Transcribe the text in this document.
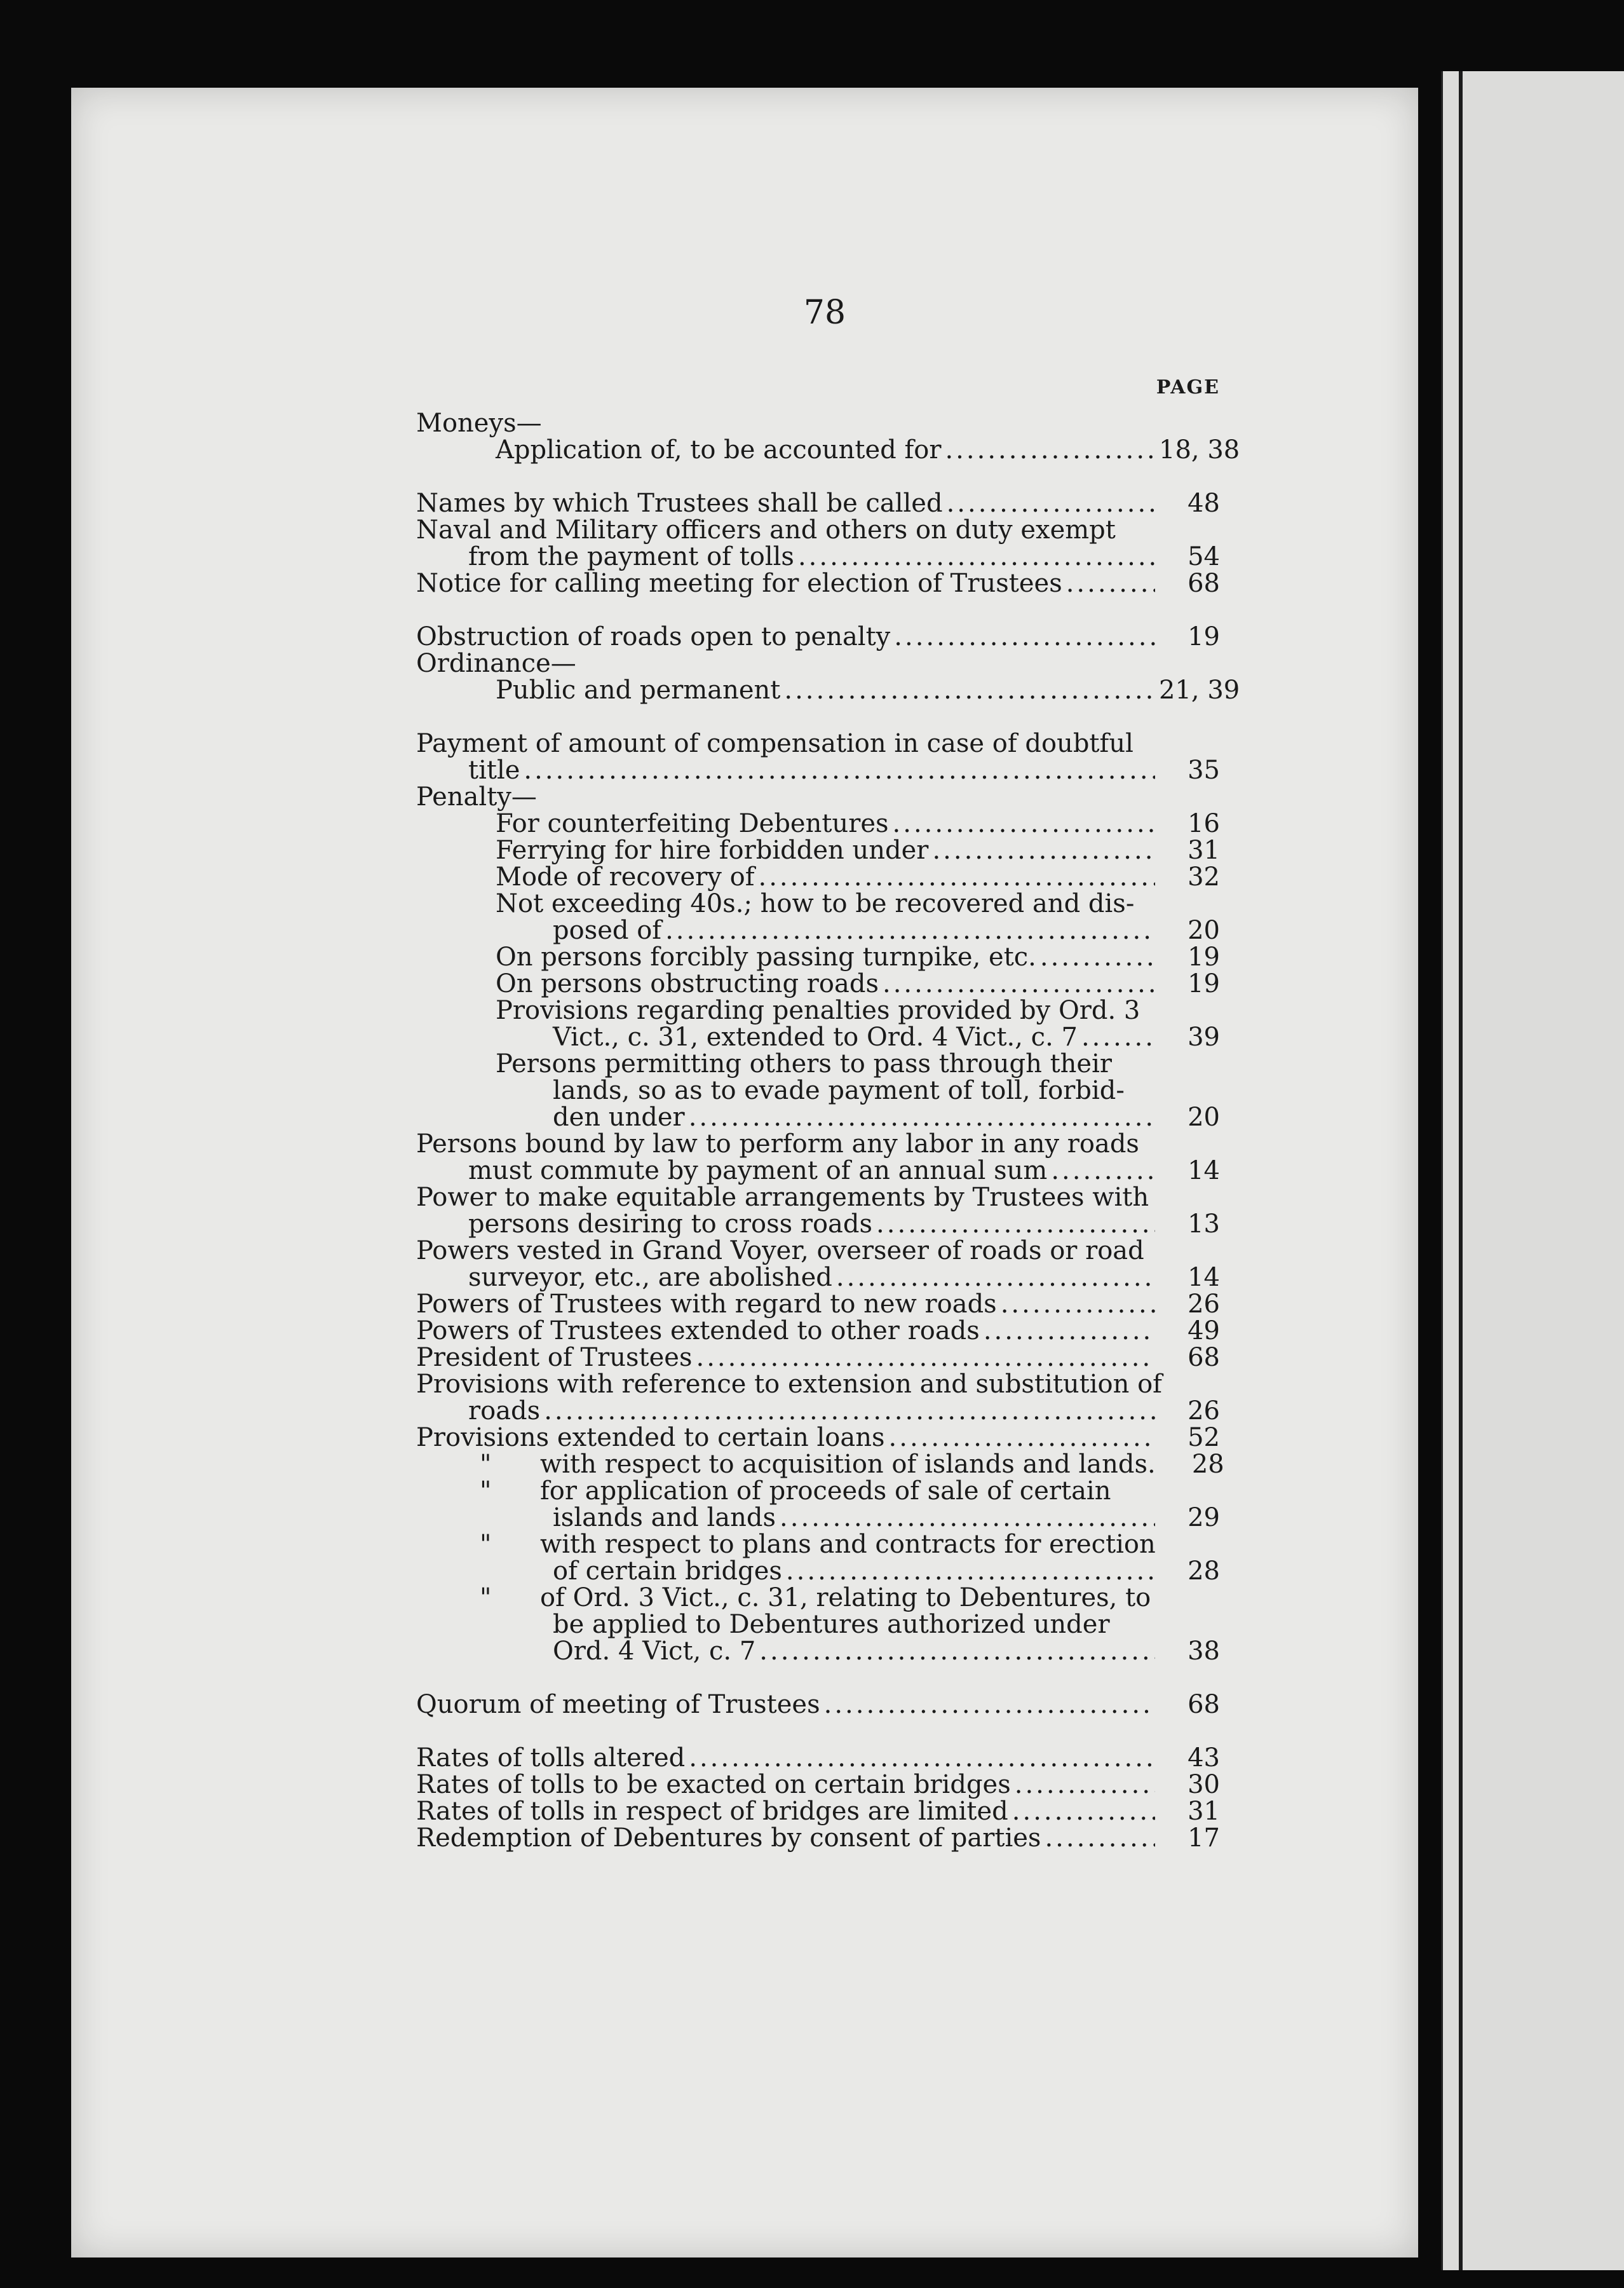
78
PAGE
Moneys—
Application of, to be accounted for .....	18, 38
Names by which Trustees shall be called .....	48
Naval and Military officers and others on duty exempt
from the payment of tolls .....	54
Notice for calling meeting for election of Trustees .....	68
Obstruction of roads open to penalty .....	19
Ordinance—
Public and permanent .....	21, 39
Payment of amount of compensation in case of doubtful
title .....	35
Penalty—
For counterfeiting Debentures .....	16
Ferrying for hire forbidden under .....	31
Mode of recovery of .....	32
Not exceeding 40s.; how to be recovered and dis-
posed of .....	20
On persons forcibly passing turnpike, etc. .....	19
On persons obstructing roads .....	19
Provisions regarding penalties provided by Ord. 3
Vict., c. 31, extended to Ord. 4 Vict., c. 7 .....	39
Persons permitting others to pass through their
lands, so as to evade payment of toll, forbid-
den under .....	20
Persons bound by law to perform any labor in any roads
must commute by payment of an annual sum .....	14
Power to make equitable arrangements by Trustees with
persons desiring to cross roads .....	13
Powers vested in Grand Voyer, overseer of roads or road
surveyor, etc., are abolished .....	14
Powers of Trustees with regard to new roads .....	26
Powers of Trustees extended to other roads .....	49
President of Trustees .....	68
Provisions with reference to extension and substitution of
roads .....	26
Provisions extended to certain loans .....	52
"	with respect to acquisition of islands and lands.	28
"	for application of proceeds of sale of certain
islands and lands .....	29
"	with respect to plans and contracts for erection
of certain bridges .....	28
"	of Ord. 3 Vict., c. 31, relating to Debentures, to
be applied to Debentures authorized under
Ord. 4 Vict, c. 7 .....	38
Quorum of meeting of Trustees .....	68
Rates of tolls altered .....	43
Rates of tolls to be exacted on certain bridges .....	30
Rates of tolls in respect of bridges are limited .....	31
Redemption of Debentures by consent of parties .....	17
